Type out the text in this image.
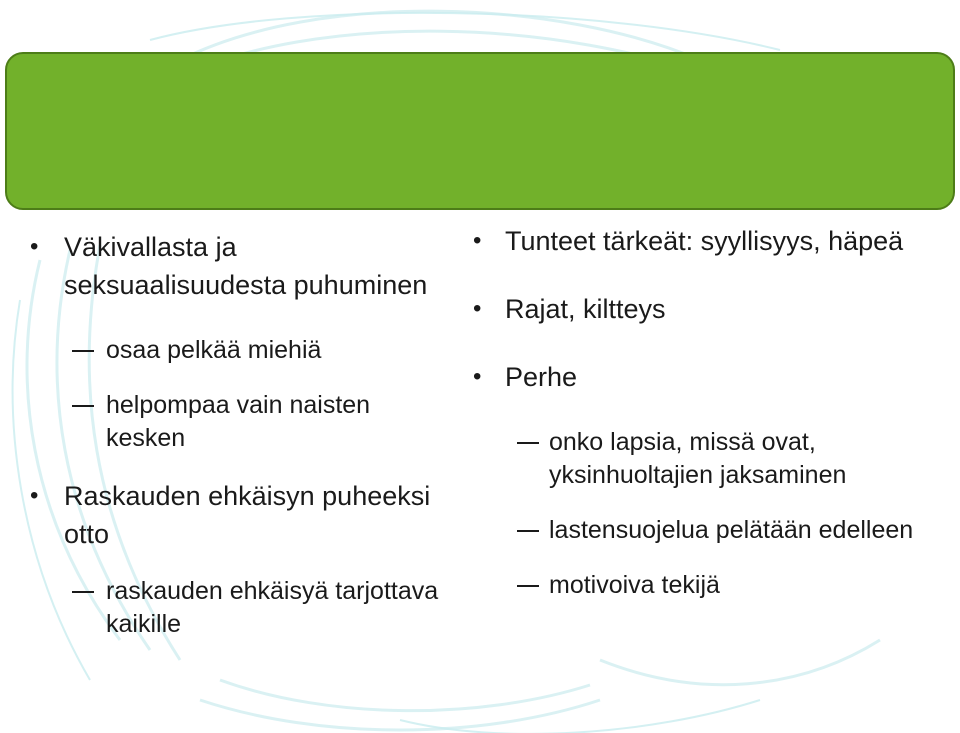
• Väkivallasta ja seksuaalisuudesta puhuminen
osaa pelkää miehiä
helpompaa vain naisten kesken
• Raskauden ehkäisyn puheeksi otto
raskauden ehkäisyä tarjottava kaikille
• Tunteet tärkeät: syyllisyys, häpeä
• Rajat, kiltteys
• Perhe
onko lapsia, missä ovat, yksinhuoltajien jaksaminen
lastensuojelua pelätään edelleen
motivoiva tekijä
